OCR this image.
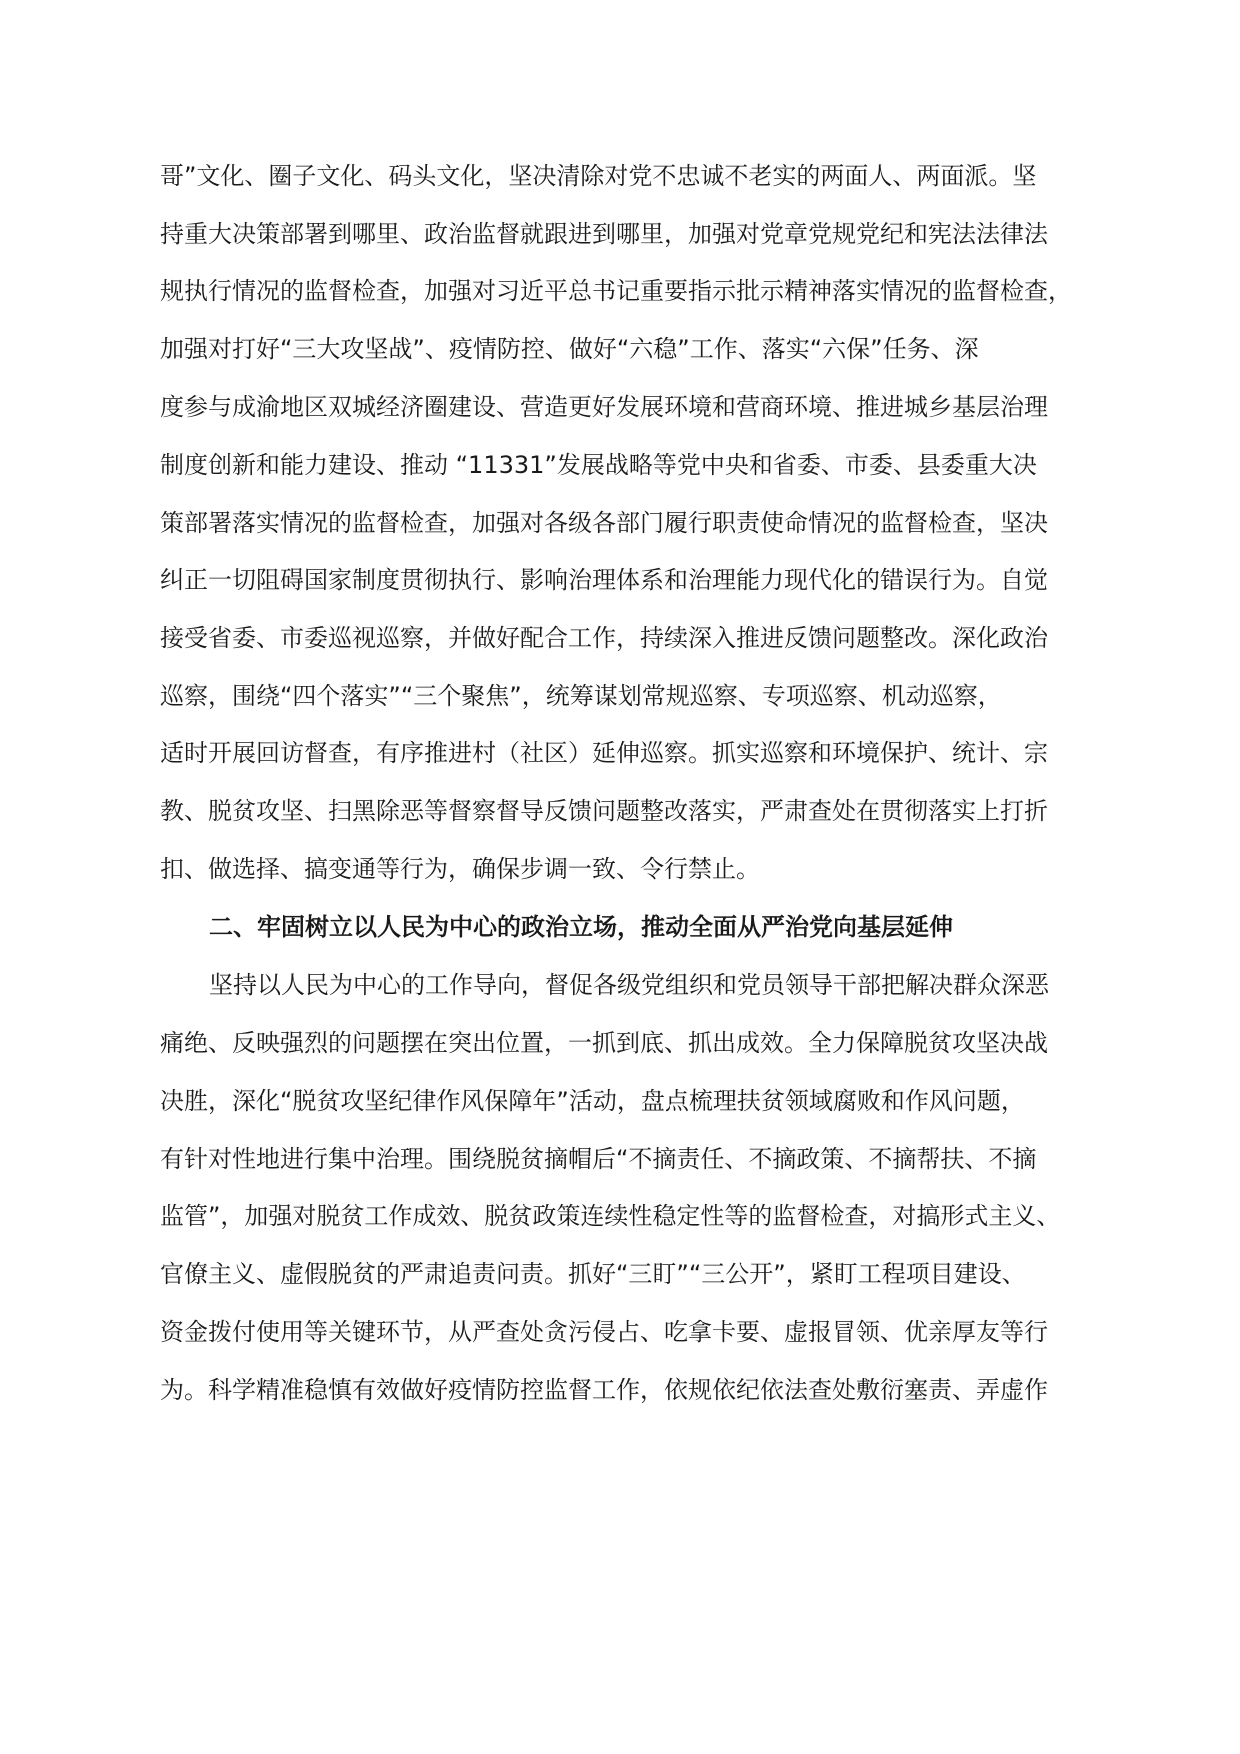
哥”文化、圈子文化、码头文化，坚决清除对党不忠诚不老实的两面人、两面派。坚
持重大决策部署到哪里、政治监督就跟进到哪里，加强对党章党规党纪和宪法法律法
规执行情况的监督检查，加强对习近平总书记重要指示批示精神落实情况的监督检查，
加强对打好“三大攻坚战”、疫情防控、做好“六稳”工作、落实“六保”任务、深
度参与成渝地区双城经济圈建设、营造更好发展环境和营商环境、推进城乡基层治理
制度创新和能力建设、推动 “11331”发展战略等党中央和省委、市委、县委重大决
策部署落实情况的监督检查，加强对各级各部门履行职责使命情况的监督检查，坚决
纠正一切阻碍国家制度贯彻执行、影响治理体系和治理能力现代化的错误行为。自觉
接受省委、市委巡视巡察，并做好配合工作，持续深入推进反馈问题整改。深化政治
巡察，围绕“四个落实”“三个聚焦”，统筹谋划常规巡察、专项巡察、机动巡察，
适时开展回访督查，有序推进村（社区）延伸巡察。抓实巡察和环境保护、统计、宗
教、脱贫攻坚、扫黑除恶等督察督导反馈问题整改落实，严肃查处在贯彻落实上打折
扣、做选择、搞变通等行为，确保步调一致、令行禁止。
二、牢固树立以人民为中心的政治立场，推动全面从严治党向基层延伸
坚持以人民为中心的工作导向，督促各级党组织和党员领导干部把解决群众深恶
痛绝、反映强烈的问题摆在突出位置，一抓到底、抓出成效。全力保障脱贫攻坚决战
决胜，深化“脱贫攻坚纪律作风保障年”活动，盘点梳理扶贫领域腐败和作风问题，
有针对性地进行集中治理。围绕脱贫摘帽后“不摘责任、不摘政策、不摘帮扶、不摘
监管”，加强对脱贫工作成效、脱贫政策连续性稳定性等的监督检查，对搞形式主义、
官僚主义、虚假脱贫的严肃追责问责。抓好“三盯”“三公开”，紧盯工程项目建设、
资金拨付使用等关键环节，从严查处贪污侵占、吃拿卡要、虚报冒领、优亲厚友等行
为。科学精准稳慎有效做好疫情防控监督工作，依规依纪依法查处敷衍塞责、弄虚作
